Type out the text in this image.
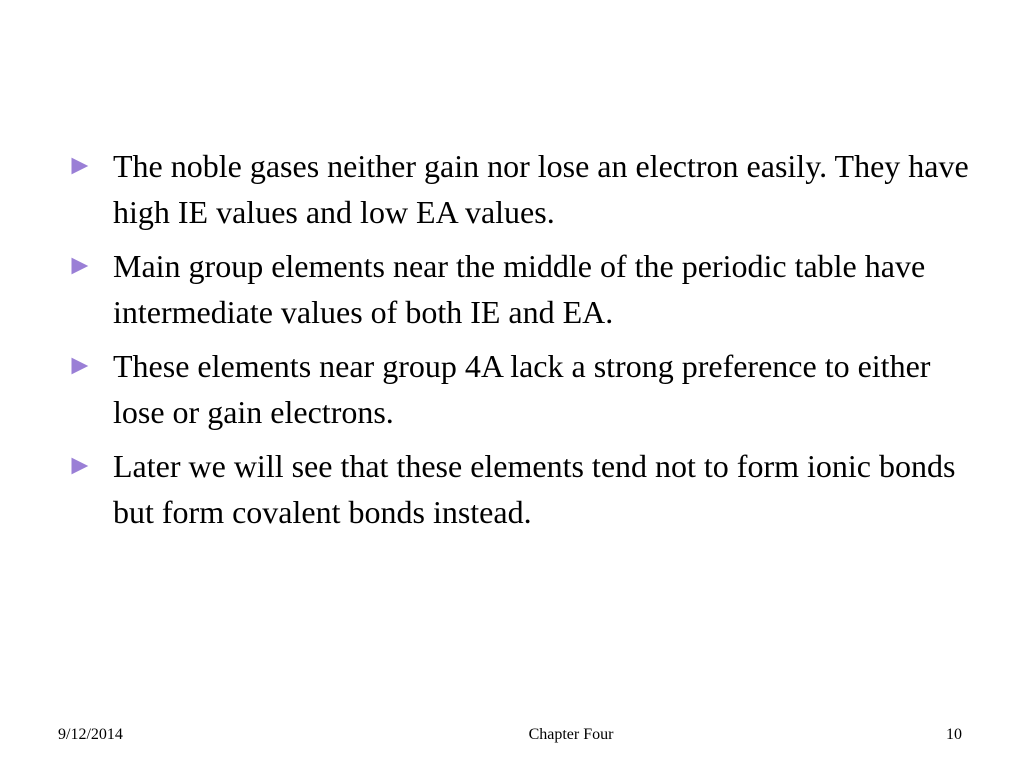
► The noble gases neither gain nor lose an electron easily. They have high IE values and low EA values.
► Main group elements near the middle of the periodic table have intermediate values of both IE and EA.
► These elements near group 4A lack a strong preference to either lose or gain electrons.
► Later we will see that these elements tend not to form ionic bonds but form covalent bonds instead.
9/12/2014	Chapter Four	10
